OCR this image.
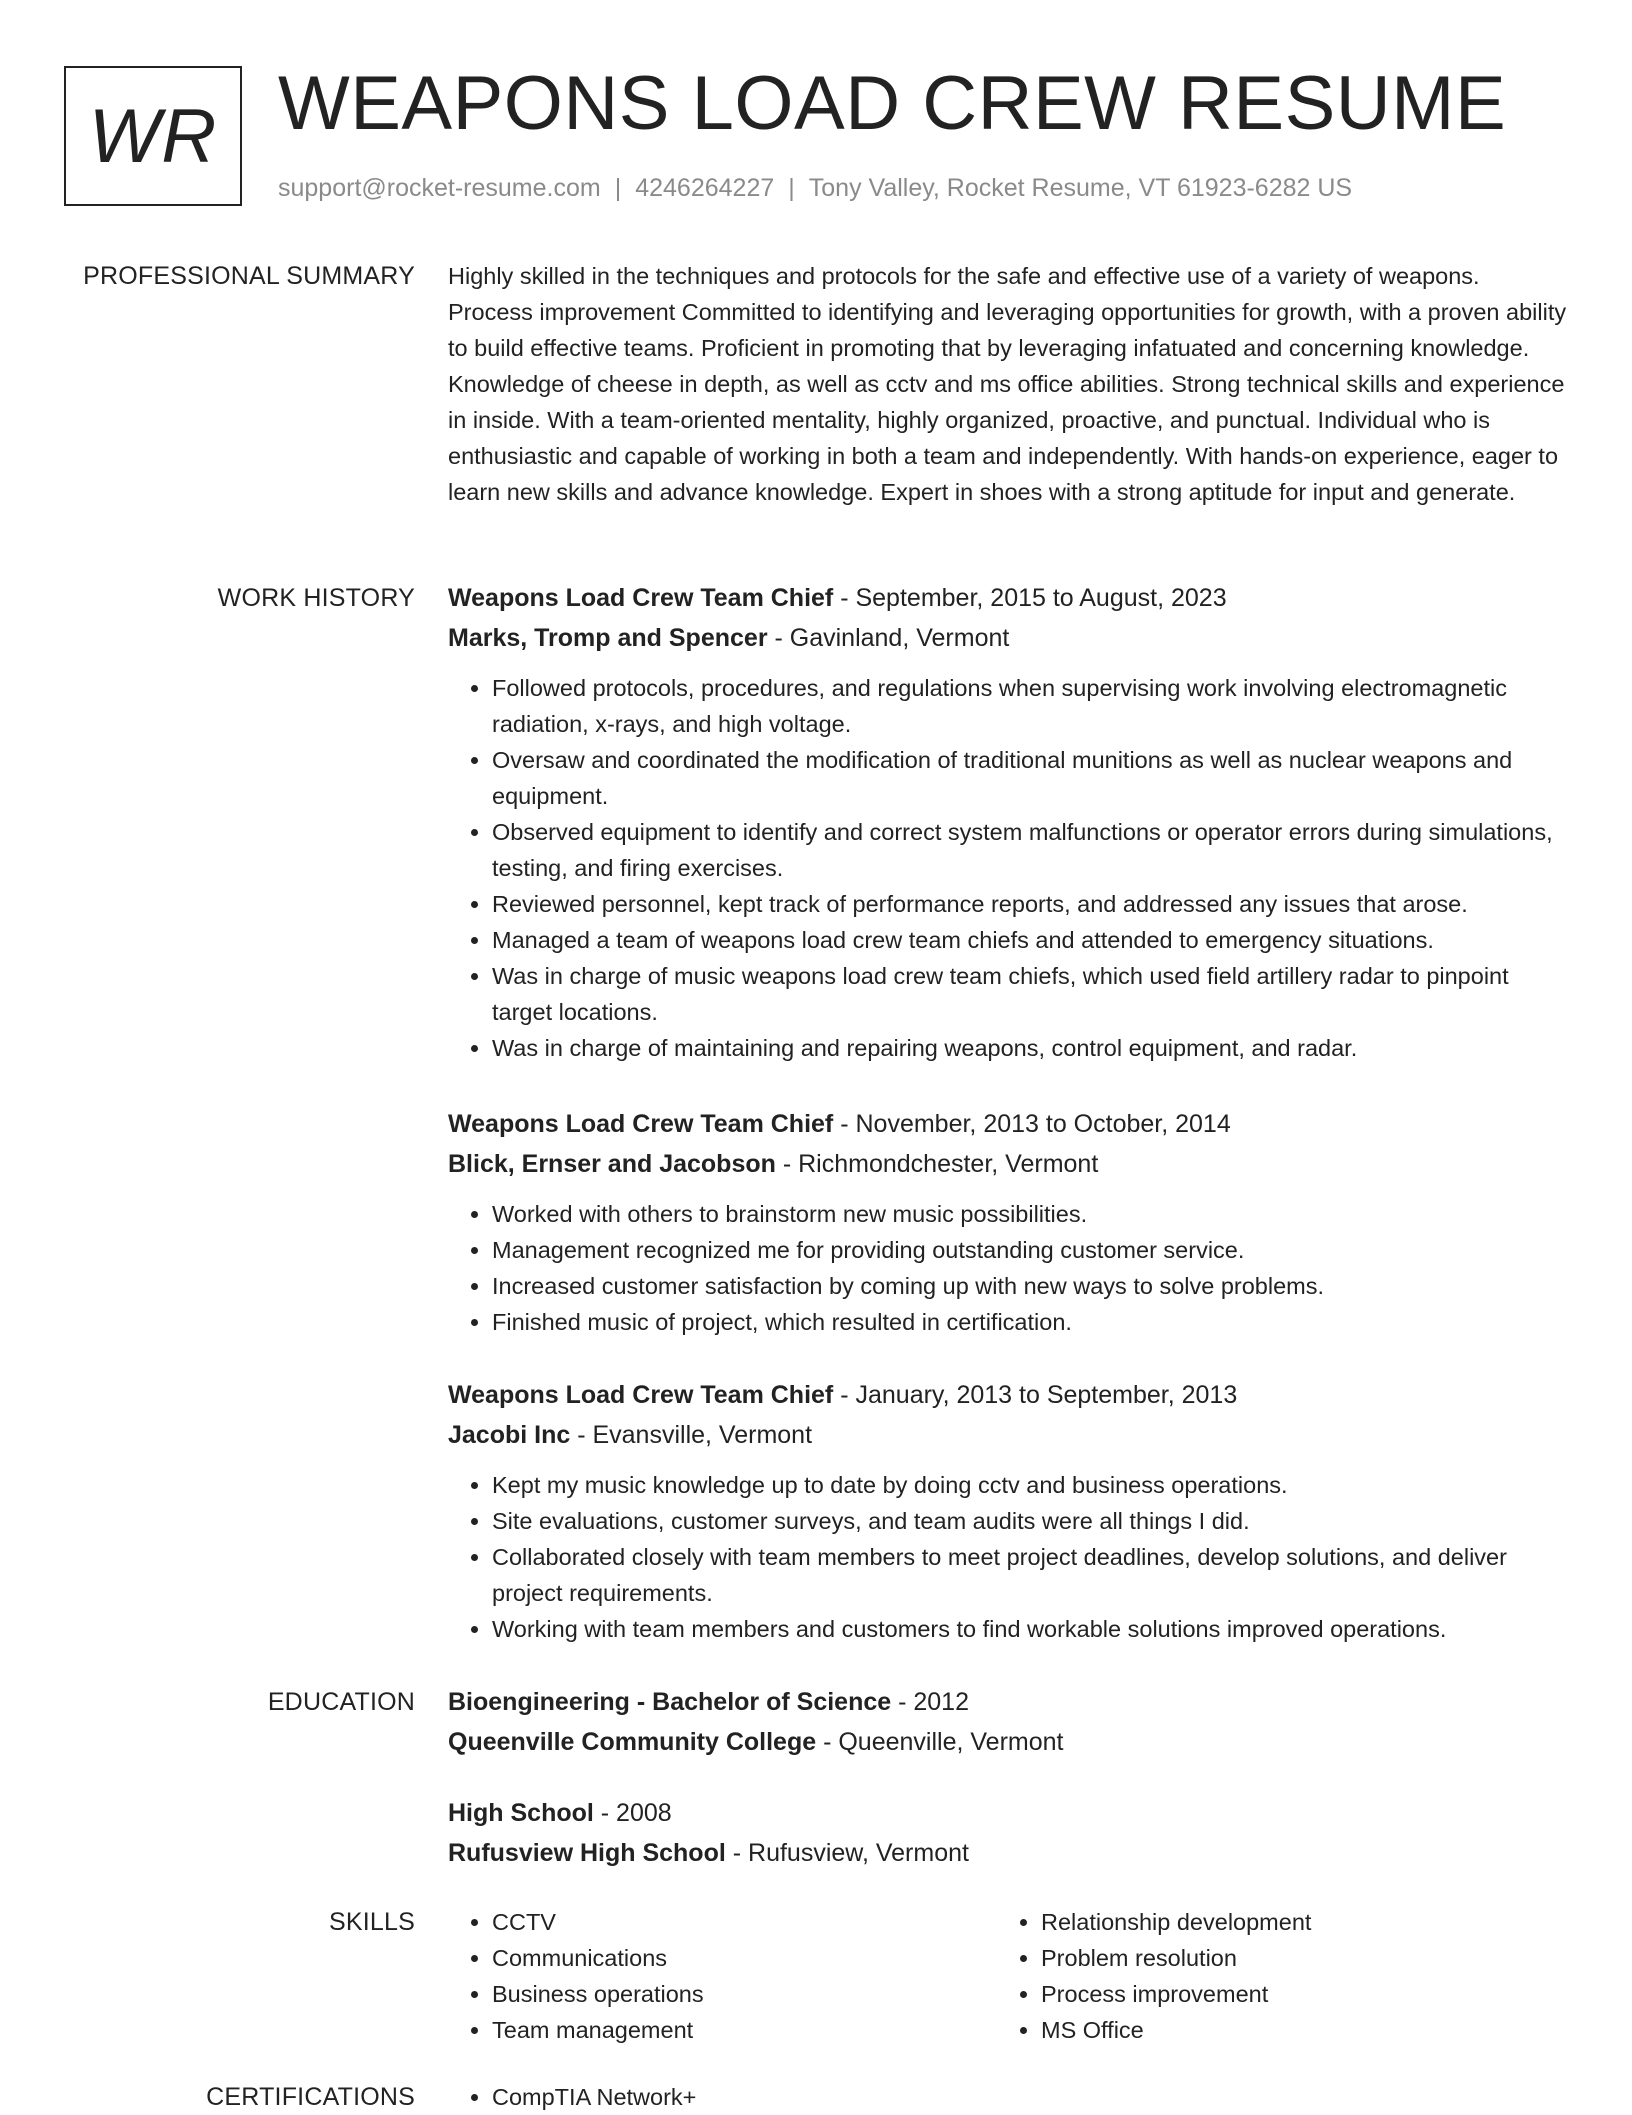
WR WEAPONS LOAD CREW RESUME
support@rocket-resume.com | 4246264227 | Tony Valley, Rocket Resume, VT 61923-6282 US
PROFESSIONAL SUMMARY Highly skilled in the techniques and protocols for the safe and effective use of a variety of weapons. Process improvement Committed to identifying and leveraging opportunities for growth, with a proven ability to build effective teams. Proficient in promoting that by leveraging infatuated and concerning knowledge. Knowledge of cheese in depth, as well as cctv and ms office abilities. Strong technical skills and experience in inside. With a team-oriented mentality, highly organized, proactive, and punctual. Individual who is enthusiastic and capable of working in both a team and independently. With hands-on experience, eager to learn new skills and advance knowledge. Expert in shoes with a strong aptitude for input and generate.

WORK HISTORY Weapons Load Crew Team Chief - September, 2015 to August, 2023
Marks, Tromp and Spencer - Gavinland, Vermont
• Followed protocols, procedures, and regulations when supervising work involving electromagnetic radiation, x-rays, and high voltage.
• Oversaw and coordinated the modification of traditional munitions as well as nuclear weapons and equipment.
• Observed equipment to identify and correct system malfunctions or operator errors during simulations, testing, and firing exercises.
• Reviewed personnel, kept track of performance reports, and addressed any issues that arose.
• Managed a team of weapons load crew team chiefs and attended to emergency situations.
• Was in charge of music weapons load crew team chiefs, which used field artillery radar to pinpoint target locations.
• Was in charge of maintaining and repairing weapons, control equipment, and radar.
Weapons Load Crew Team Chief - November, 2013 to October, 2014
Blick, Ernser and Jacobson - Richmondchester, Vermont
• Worked with others to brainstorm new music possibilities.
• Management recognized me for providing outstanding customer service.
• Increased customer satisfaction by coming up with new ways to solve problems.
• Finished music of project, which resulted in certification.
Weapons Load Crew Team Chief - January, 2013 to September, 2013
Jacobi Inc - Evansville, Vermont
• Kept my music knowledge up to date by doing cctv and business operations.
• Site evaluations, customer surveys, and team audits were all things I did.
• Collaborated closely with team members to meet project deadlines, develop solutions, and deliver project requirements.
• Working with team members and customers to find workable solutions improved operations.
EDUCATION Bioengineering - Bachelor of Science - 2012
Queenville Community College - Queenville, Vermont
High School - 2008
Rufusview High School - Rufusview, Vermont
SKILLS	• CCTV
• Communications
• Business operations
• Team management
• Relationship development
• Problem resolution
• Process improvement
• MS Office
CERTIFICATIONS	• CompTIA Network+
